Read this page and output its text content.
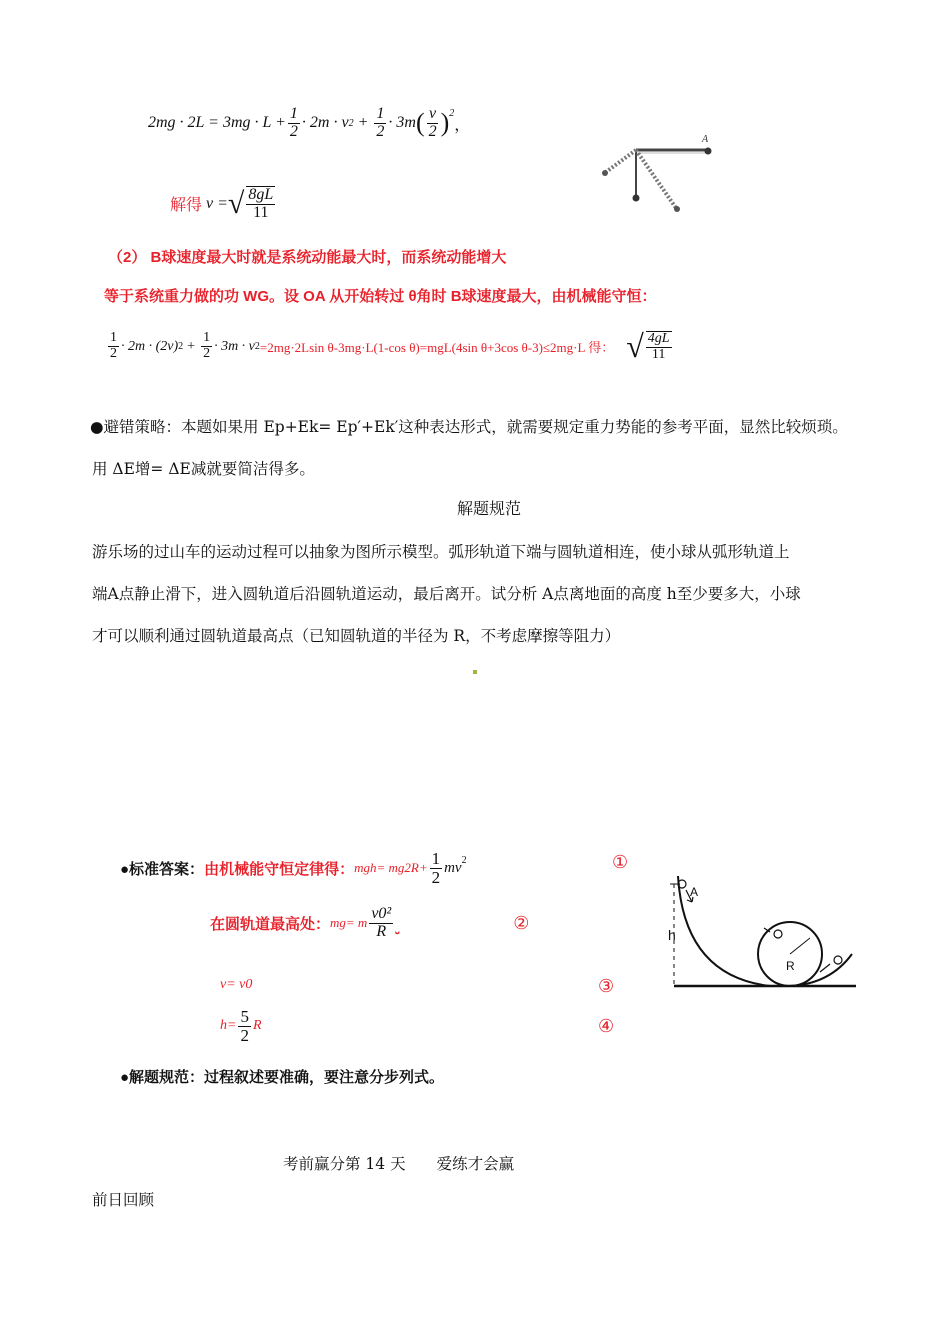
$2mg \cdot 2L = 3mg \cdot L + \frac{1}{2} \cdot 2m \cdot v$ $2 + \frac{1}{2} \cdot 3m$ ( $\frac{v}{2} )^2$
，
解得 v = √ $\frac{8gL}{11}$
A
（2） B球速度最大时就是系统动能最大时，而系统动能增大
等于系统重力做的功 WG。设 OA 从开始转过 θ角时 B球速度最大，由机械能守恒：
$\frac{1}{2} \cdot 2m \cdot (2v) 2 + \frac{1}{2} \cdot 3m \cdot v$ 2 =2mg·2Lsin θ-3mg·L(1-cos θ)=mgL(4sin θ+3cos θ-3)≤2mg·L 得： √ $\frac{4gL}{11}$
●避错策略：本题如果用 Ep+Ek= Ep′+Ek′这种表达形式，就需要规定重力势能的参考平面，显然比较烦琐。
用 ΔE增= ΔE减就要简洁得多。
解题规范
游乐场的过山车的运动过程可以抽象为图所示模型。弧形轨道下端与圆轨道相连，使小球从弧形轨道上
端A点静止滑下，进入圆轨道后沿圆轨道运动，最后离开。试分析 A点离地面的高度 h至少要多大，小球
才可以顺利通过圆轨道最高点（已知圆轨道的半径为 R，不考虑摩擦等阻力）
●标准答案： 由机械能守恒定律得： $mgh= mg2R+ \frac{1}{2} mv^2$	①
在圆轨道最高处： mg= m $\frac{\text{v0²}}{R}$
	②
v= v0	③
$h= \frac{5}{2}$ R	④
●解题规范：过程叙述要准确，要注意分步列式。
A
h
R
考前赢分第 14 天　　爱练才会赢
前日回顾
